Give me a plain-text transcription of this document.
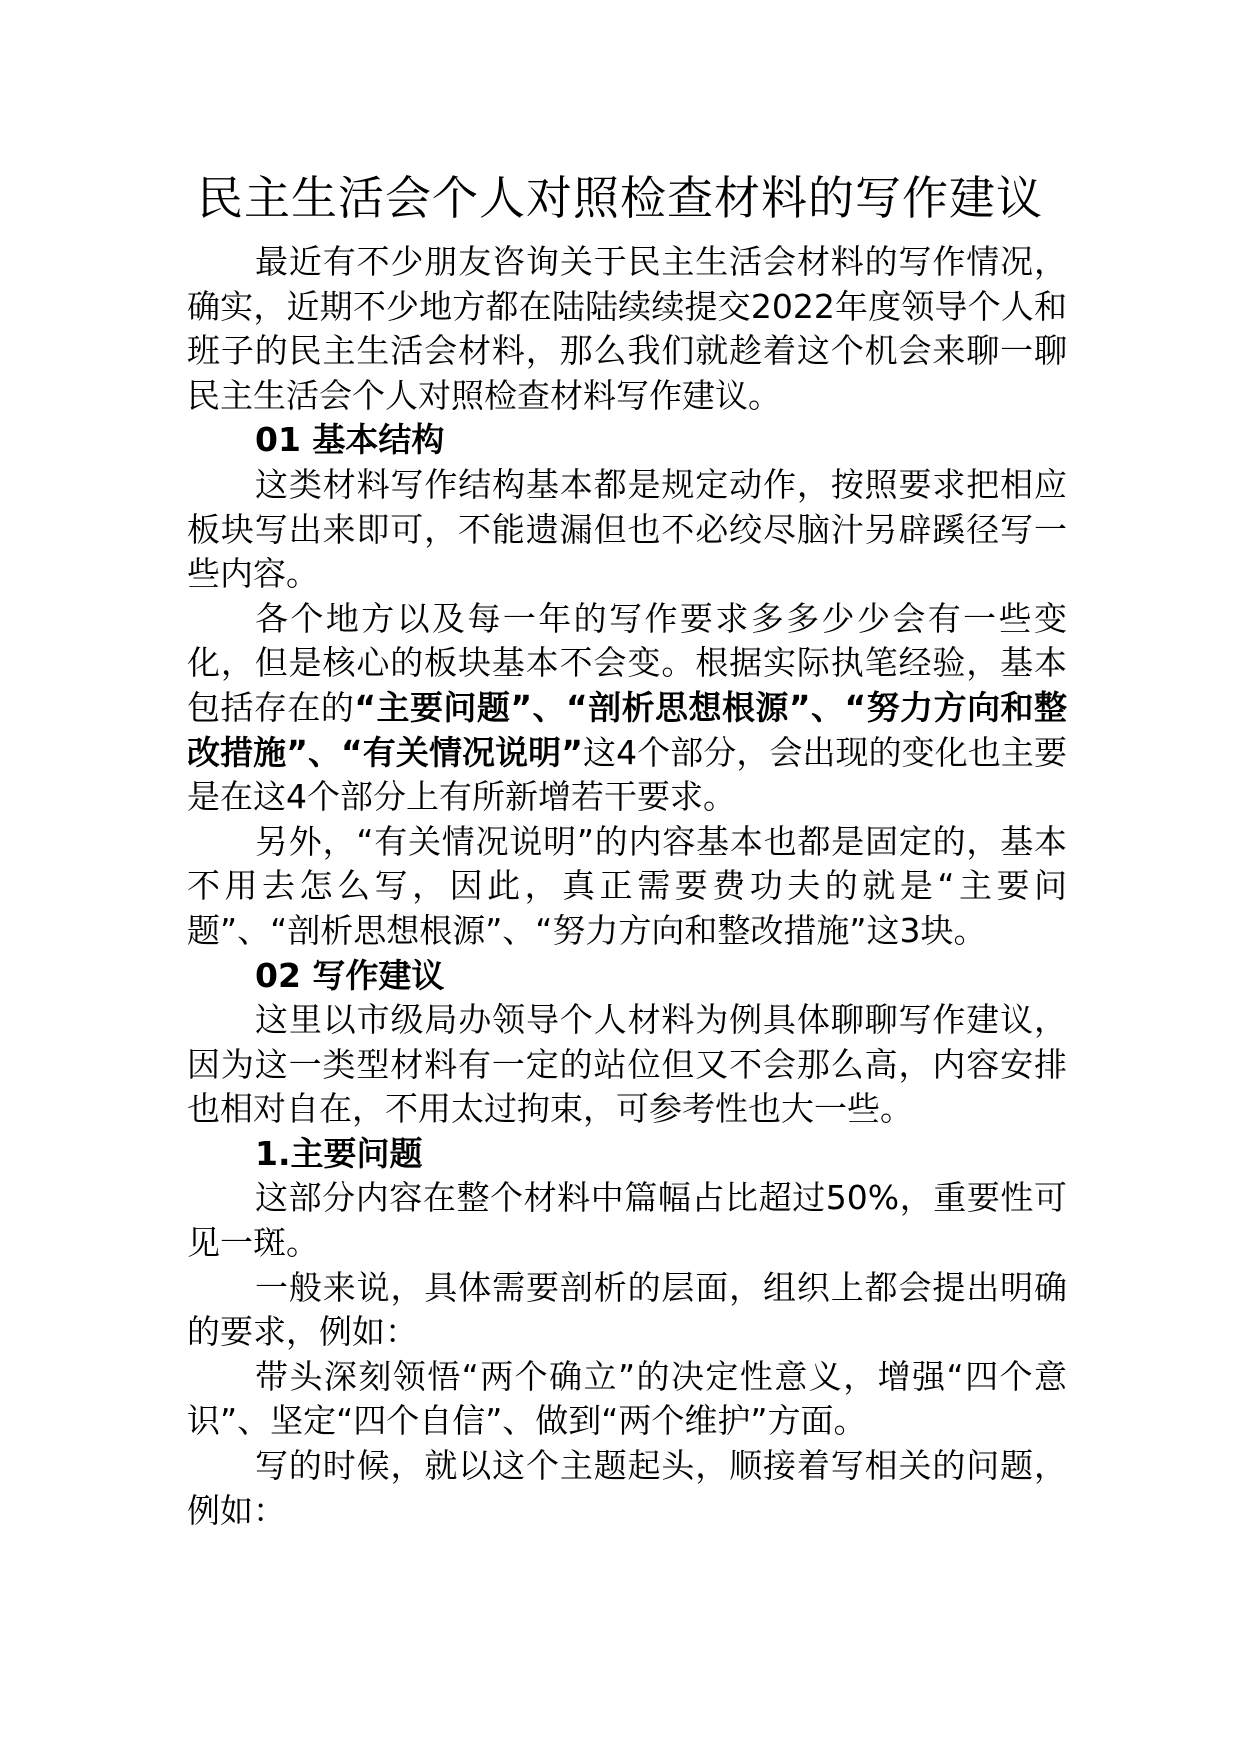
民主生活会个人对照检查材料的写作建议

最近有不少朋友咨询关于民主生活会材料的写作情况，确实，近期不少地方都在陆陆续续提交2022年度领导个人和班子的民主生活会材料，那么我们就趁着这个机会来聊一聊民主生活会个人对照检查材料写作建议。

01 基本结构

这类材料写作结构基本都是规定动作，按照要求把相应板块写出来即可，不能遗漏但也不必绞尽脑汁另辟蹊径写一些内容。

各个地方以及每一年的写作要求多多少少会有一些变化，但是核心的板块基本不会变。根据实际执笔经验，基本包括存在的“主要问题”、“剖析思想根源”、“努力方向和整改措施”、“有关情况说明”这4个部分，会出现的变化也主要是在这4个部分上有所新增若干要求。

另外，“有关情况说明”的内容基本也都是固定的，基本不用去怎么写，因此，真正需要费功夫的就是“主要问题”、“剖析思想根源”、“努力方向和整改措施”这3块。

02 写作建议

这里以市级局办领导个人材料为例具体聊聊写作建议，因为这一类型材料有一定的站位但又不会那么高，内容安排也相对自在，不用太过拘束，可参考性也大一些。

1.主要问题

这部分内容在整个材料中篇幅占比超过50%，重要性可见一斑。

一般来说，具体需要剖析的层面，组织上都会提出明确的要求，例如：

带头深刻领悟“两个确立”的决定性意义，增强“四个意识”、坚定“四个自信”、做到“两个维护”方面。

写的时候，就以这个主题起头，顺接着写相关的问题，例如：
